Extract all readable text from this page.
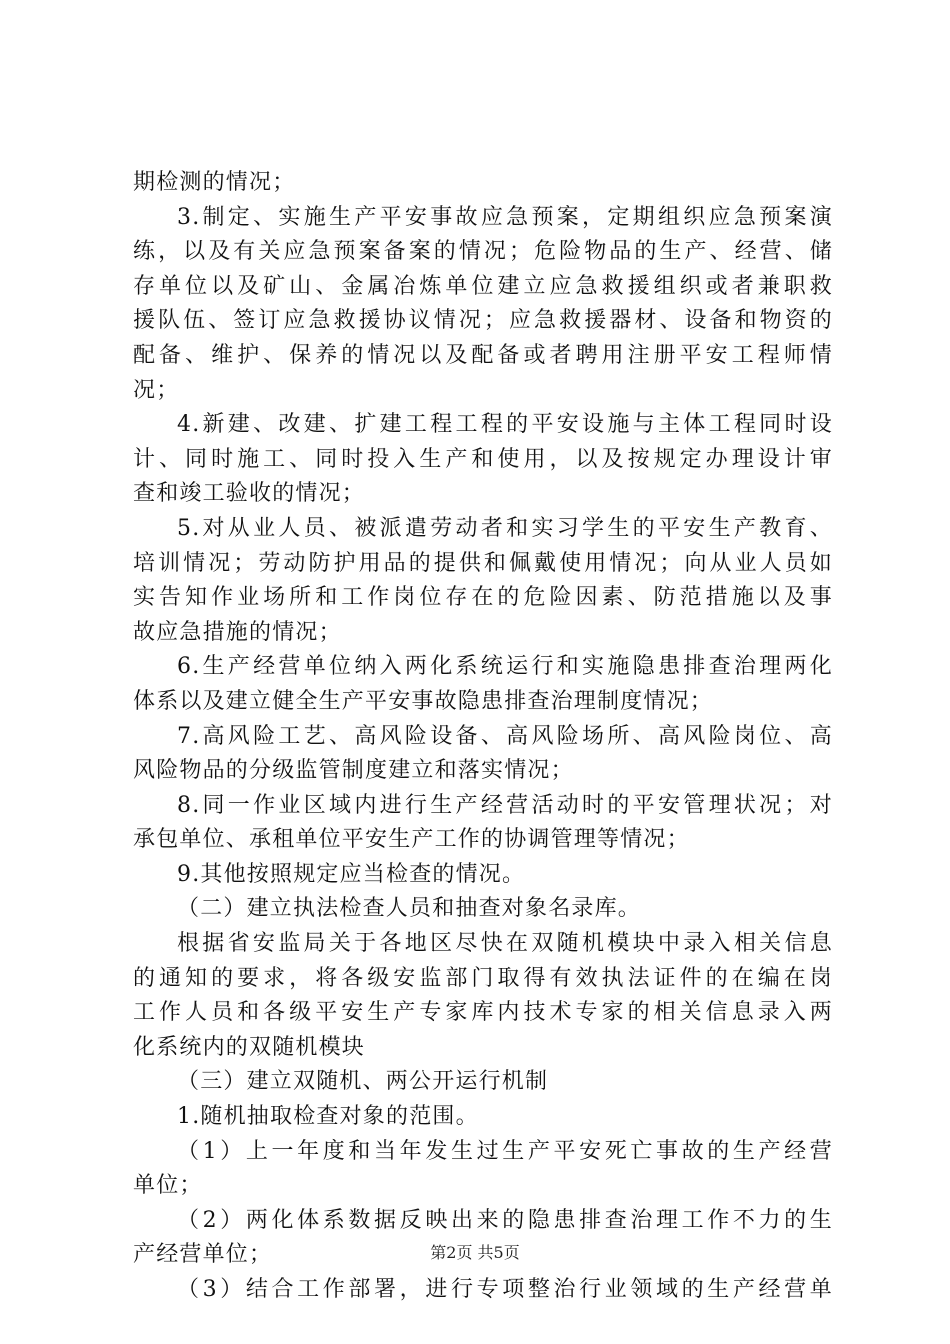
期检测的情况；
3.制定、实施生产平安事故应急预案，定期组织应急预案演
练，以及有关应急预案备案的情况；危险物品的生产、经营、储
存单位以及矿山、金属冶炼单位建立应急救援组织或者兼职救
援队伍、签订应急救援协议情况；应急救援器材、设备和物资的
配备、维护、保养的情况以及配备或者聘用注册平安工程师情
况；
4.新建、改建、扩建工程工程的平安设施与主体工程同时设
计、同时施工、同时投入生产和使用，以及按规定办理设计审
查和竣工验收的情况；
5.对从业人员、被派遣劳动者和实习学生的平安生产教育、
培训情况；劳动防护用品的提供和佩戴使用情况；向从业人员如
实告知作业场所和工作岗位存在的危险因素、防范措施以及事
故应急措施的情况；
6.生产经营单位纳入两化系统运行和实施隐患排查治理两化
体系以及建立健全生产平安事故隐患排查治理制度情况；
7.高风险工艺、高风险设备、高风险场所、高风险岗位、高
风险物品的分级监管制度建立和落实情况；
8.同一作业区域内进行生产经营活动时的平安管理状况；对
承包单位、承租单位平安生产工作的协调管理等情况；
9.其他按照规定应当检查的情况。
（二）建立执法检查人员和抽查对象名录库。
根据省安监局关于各地区尽快在双随机模块中录入相关信息
的通知的要求，将各级安监部门取得有效执法证件的在编在岗
工作人员和各级平安生产专家库内技术专家的相关信息录入两
化系统内的双随机模块
（三）建立双随机、两公开运行机制
1.随机抽取检查对象的范围。
（1）上一年度和当年发生过生产平安死亡事故的生产经营
单位；
（2）两化体系数据反映出来的隐患排查治理工作不力的生
产经营单位；
（3）结合工作部署，进行专项整治行业领域的生产经营单
第2页 共5页
